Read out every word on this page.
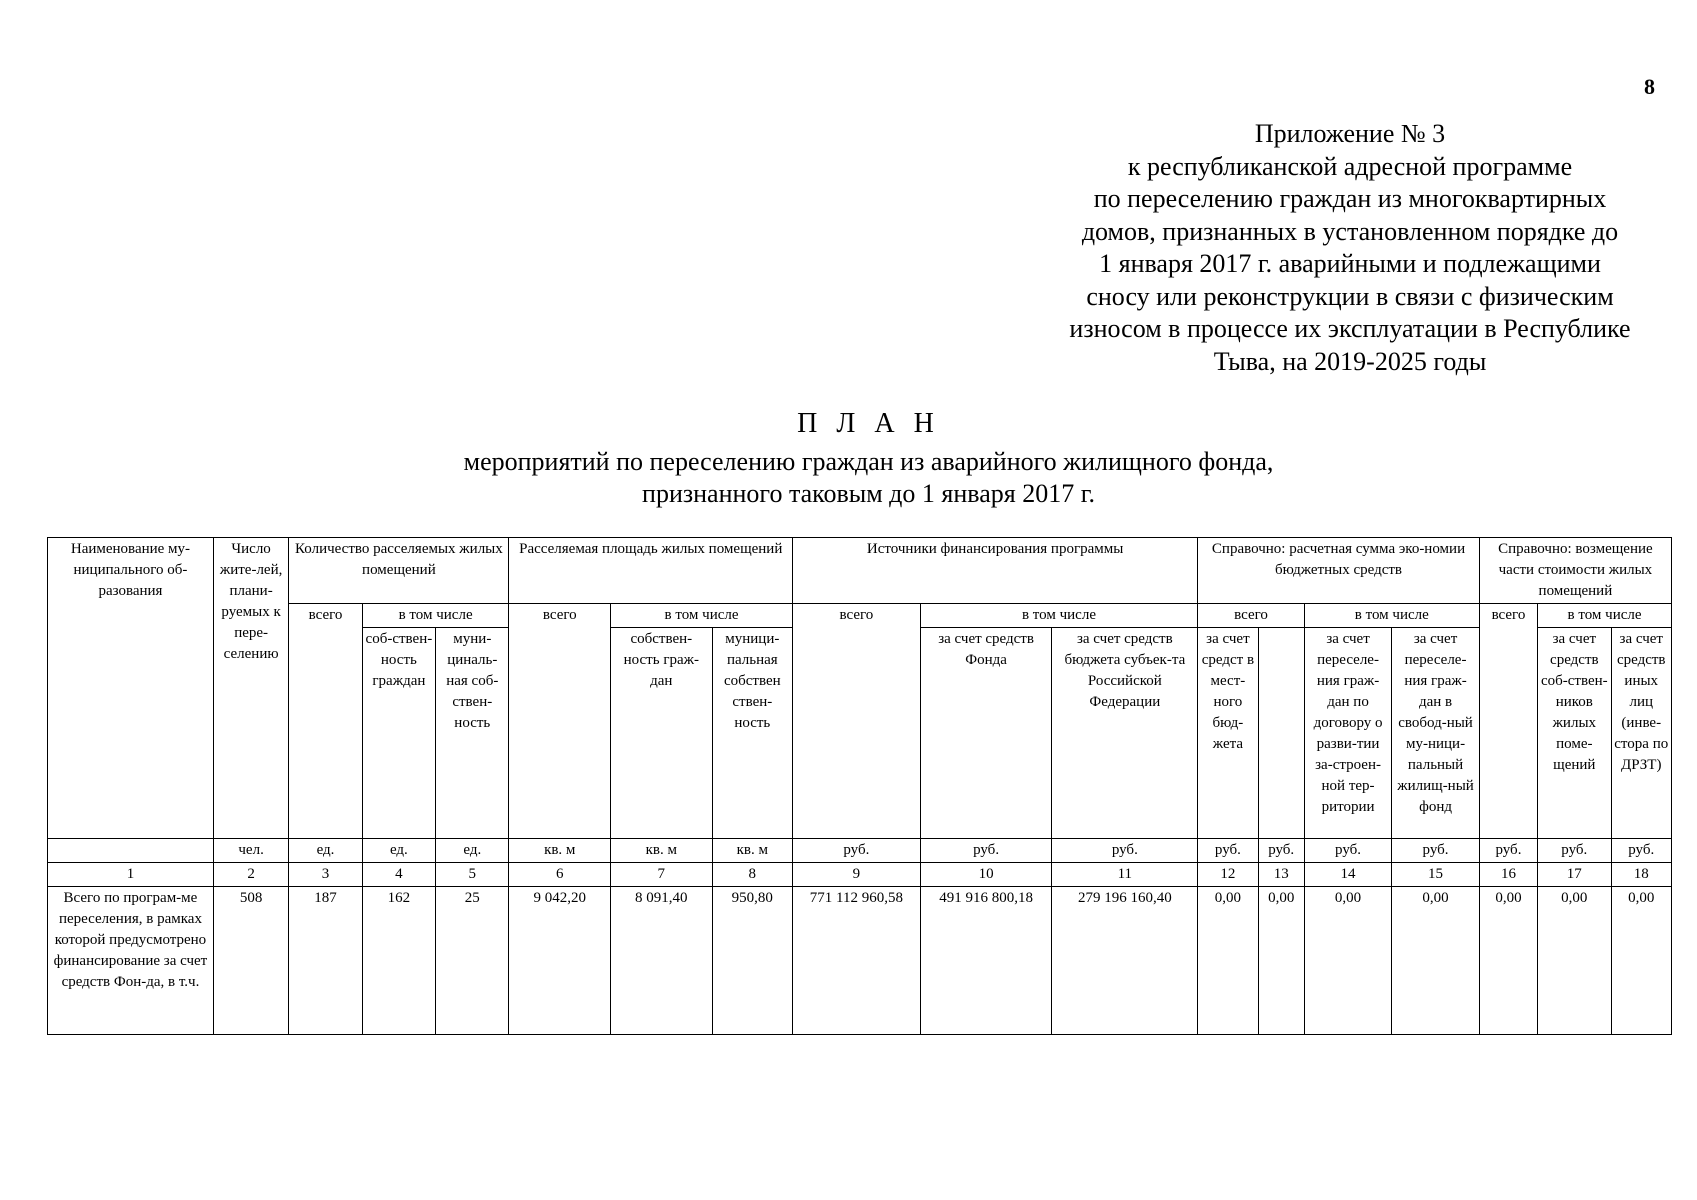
8
Приложение № 3
к республиканской адресной программе
по переселению граждан из многоквартирных
домов, признанных в установленном порядке до
1 января 2017 г. аварийными и подлежащими
сносу или реконструкции в связи с физическим
износом в процессе их эксплуатации в Республике
Тыва, на 2019-2025 годы
П Л А Н
мероприятий по переселению граждан из аварийного жилищного фонда,
признанного таковым до 1 января 2017 г.
Наименование му-ниципального об-разования	Число жите-лей, плани-руемых к пере-селению	Количество расселяемых жилых помещений			Расселяемая площадь жилых помещений			Источники финансирования программы			Справочно: расчетная сумма эко-номии бюджетных средств				Справочно: возмещение части стоимости жилых помещений		
		всего	в том числе		всего	в том числе		всего	в том числе		всего		в том числе		всего	в том числе	
			соб-ствен-ность граждан	муни-циналь-ная соб-ствен-ность		собствен-ность граж-дан	муници-пальная собствен ствен-ность		за счет средств Фонда	за счет средств бюджета субъек-та Российской Федерации	за счет средст в мест-ного бюд-жета		за счет переселе-ния граж-дан по договору о разви-тии за-строен-ной тер-ритории	за счет переселе-ния граж-дан в свобод-ный му-ници-пальный жилищ-ный фонд		за счет средств соб-ствен-ников жилых поме-щений	за счет средств иных лиц (инве-стора по ДРЗТ)
	чел.	ед.	ед.	ед.	кв. м	кв. м	кв. м	руб.	руб.	руб.	руб.	руб.	руб.	руб.	руб.	руб.	руб.
1	2	3	4	5	6	7	8	9	10	11	12	13	14	15	16	17	18
Всего по програм-ме переселения, в рамках которой предусмотрено финансирование за счет средств Фон-да, в т.ч.	508	187	162	25	9 042,20	8 091,40	950,80	771 112 960,58	491 916 800,18	279 196 160,40	0,00	0,00	0,00	0,00	0,00	0,00	0,00
